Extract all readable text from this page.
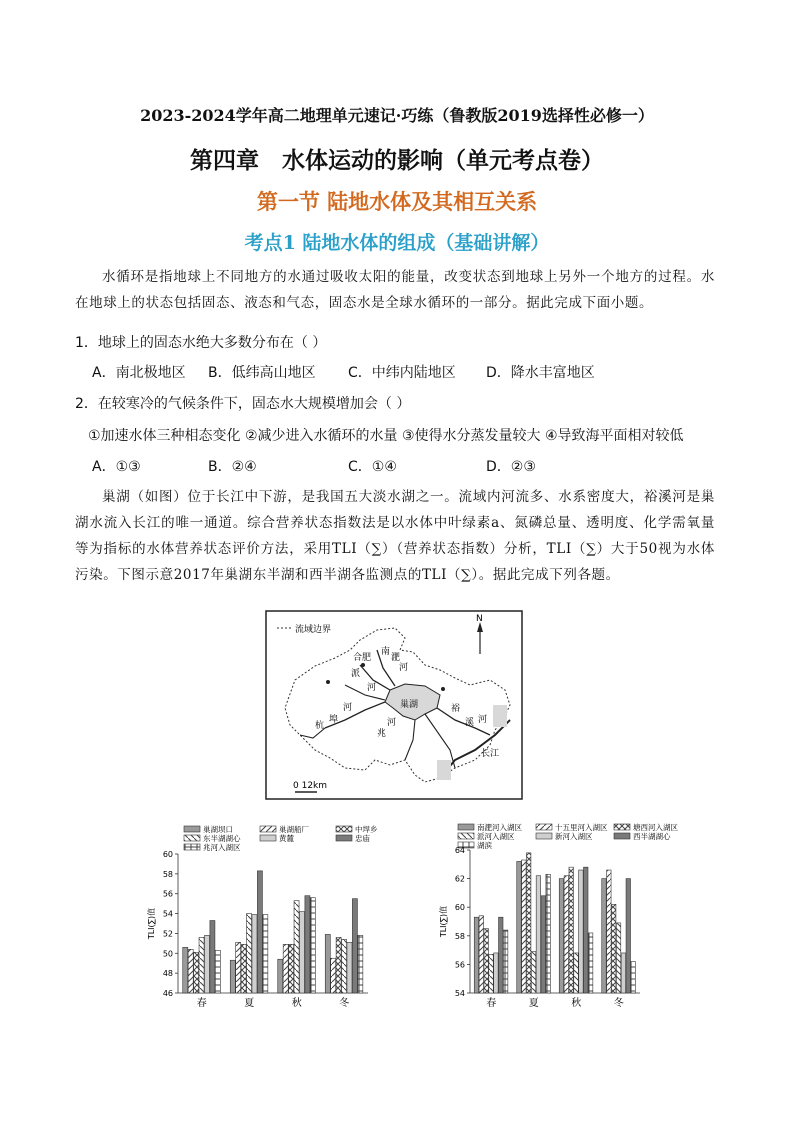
2023-2024学年高二地理单元速记·巧练（鲁教版2019选择性必修一）
第四章　水体运动的影响（单元考点卷）
第一节 陆地水体及其相互关系
考点1 陆地水体的组成（基础讲解）
水循环是指地球上不同地方的水通过吸收太阳的能量，改变状态到地球上另外一个地方的过程。水在地球上的状态包括固态、液态和气态，固态水是全球水循环的一部分。据此完成下面小题。
1．地球上的固态水绝大多数分布在（ ）
A．南北极地区 B．低纬高山地区 C．中纬内陆地区 D．降水丰富地区
2．在较寒冷的气候条件下，固态水大规模增加会（ ）
①加速水体三种相态变化 ②减少进入水循环的水量 ③使得水分蒸发量较大 ④导致海平面相对较低
A．①③	B．②④	C．①④	D．②③
巢湖（如图）位于长江中下游，是我国五大淡水湖之一。流域内河流多、水系密度大，裕溪河是巢湖水流入长江的唯一通道。综合营养状态指数法是以水体中叶绿素a、氮磷总量、透明度、化学需氧量等为指标的水体营养状态评价方法，采用TLI（∑）（营养状态指数）分析，TLI（∑）大于50视为水体污染。下图示意2017年巢湖东半湖和西半湖各监测点的TLI（∑）。据此完成下列各题。
流域边界
N
合肥
南
淝
河
派
河
巢湖
杭
埠
河
兆
河
裕
溪 河
长江
0 12km
巢湖坝口	巢湖船厂	中垾乡
东半湖湖心	黄麓	忠庙
兆河入湖区
46
48
50
52
54
56
58
60
TLI(∑)值
春	夏	秋	冬
南淝河入湖区	十五里河入湖区	塘西河入湖区
派河入湖区	新河入湖区	西半湖湖心
湖滨
54
56
58
60
62
64
TLI(∑)值
春	夏	秋	冬
